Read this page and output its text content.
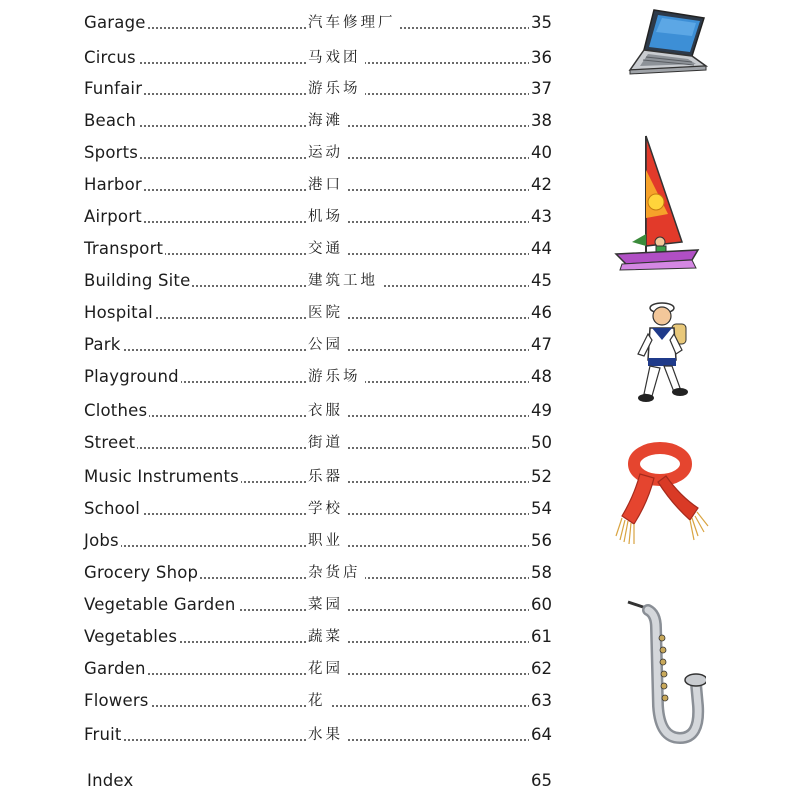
Garage	汽车修理厂	35
Circus	马戏团	36
Funfair	游乐场	37
Beach	海滩	38
Sports	运动	40
Harbor	港口	42
Airport	机场	43
Transport	交通	44
Building Site	建筑工地	45
Hospital	医院	46
Park	公园	47
Playground	游乐场	48
Clothes	衣服	49
Street	街道	50
Music Instruments	乐器	52
School	学校	54
Jobs	职业	56
Grocery Shop	杂货店	58
Vegetable Garden	菜园	60
Vegetables	蔬菜	61
Garden	花园	62
Flowers	花	63
Fruit	水果	64
Index	65
